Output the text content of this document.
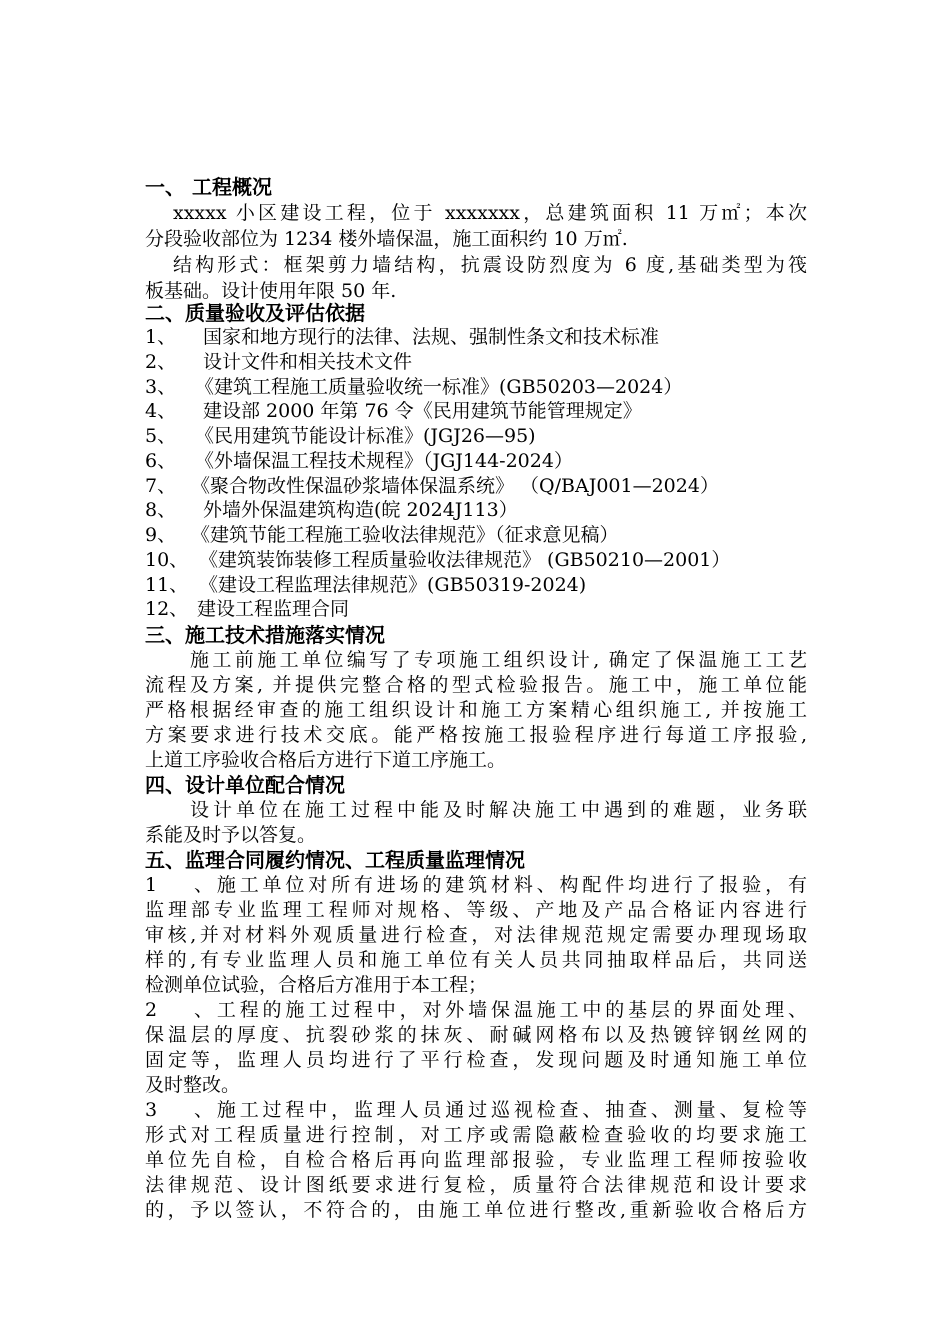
一、 工程概况
xxxxx 小区建设工程，位于 xxxxxxx，总建筑面积 11 万㎡；本次
分段验收部位为 1234 楼外墙保温，施工面积约 10 万㎡.
结构形式：框架剪力墙结构，抗震设防烈度为 6 度,基础类型为筏
板基础。设计使用年限 50 年.
二、质量验收及评估依据
1、 国家和地方现行的法律、法规、强制性条文和技术标准
2、 设计文件和相关技术文件
3、 《建筑工程施工质量验收统一标准》(GB50203—2024）
4、 建设部 2000 年第 76 令《民用建筑节能管理规定》
5、 《民用建筑节能设计标准》(JGJ26—95)
6、 《外墙保温工程技术规程》（JGJ144-2024）
7、 《聚合物改性保温砂浆墙体保温系统》 （Q/BAJ001—2024）
8、 外墙外保温建筑构造(皖 2024J113）
9、 《建筑节能工程施工验收法律规范》（征求意见稿）
10、 《建筑装饰装修工程质量验收法律规范》 (GB50210—2001）
11、 《建设工程监理法律规范》(GB50319-2024)
12、 建设工程监理合同
三、施工技术措施落实情况
施工前施工单位编写了专项施工组织设计, 确定了保温施工工艺
流程及方案, 并提供完整合格的型式检验报告。施工中，施工单位能
严格根据经审查的施工组织设计和施工方案精心组织施工, 并按施工
方案要求进行技术交底。能严格按施工报验程序进行每道工序报验,
上道工序验收合格后方进行下道工序施工。
四、设计单位配合情况
设计单位在施工过程中能及时解决施工中遇到的难题，业务联
系能及时予以答复。
五、监理合同履约情况、工程质量监理情况
1、施工单位对所有进场的建筑材料、构配件均进行了报验，有
监理部专业监理工程师对规格、等级、产地及产品合格证内容进行
审核,并对材料外观质量进行检查，对法律规范规定需要办理现场取
样的,有专业监理人员和施工单位有关人员共同抽取样品后，共同送
检测单位试验，合格后方准用于本工程；
2、工程的施工过程中，对外墙保温施工中的基层的界面处理、
保温层的厚度、抗裂砂浆的抹灰、耐碱网格布以及热镀锌钢丝网的
固定等，监理人员均进行了平行检查，发现问题及时通知施工单位
及时整改。
3、施工过程中，监理人员通过巡视检查、抽查、测量、复检等
形式对工程质量进行控制，对工序或需隐蔽检查验收的均要求施工
单位先自检，自检合格后再向监理部报验，专业监理工程师按验收
法律规范、设计图纸要求进行复检，质量符合法律规范和设计要求
的，予以签认，不符合的，由施工单位进行整改,重新验收合格后方
